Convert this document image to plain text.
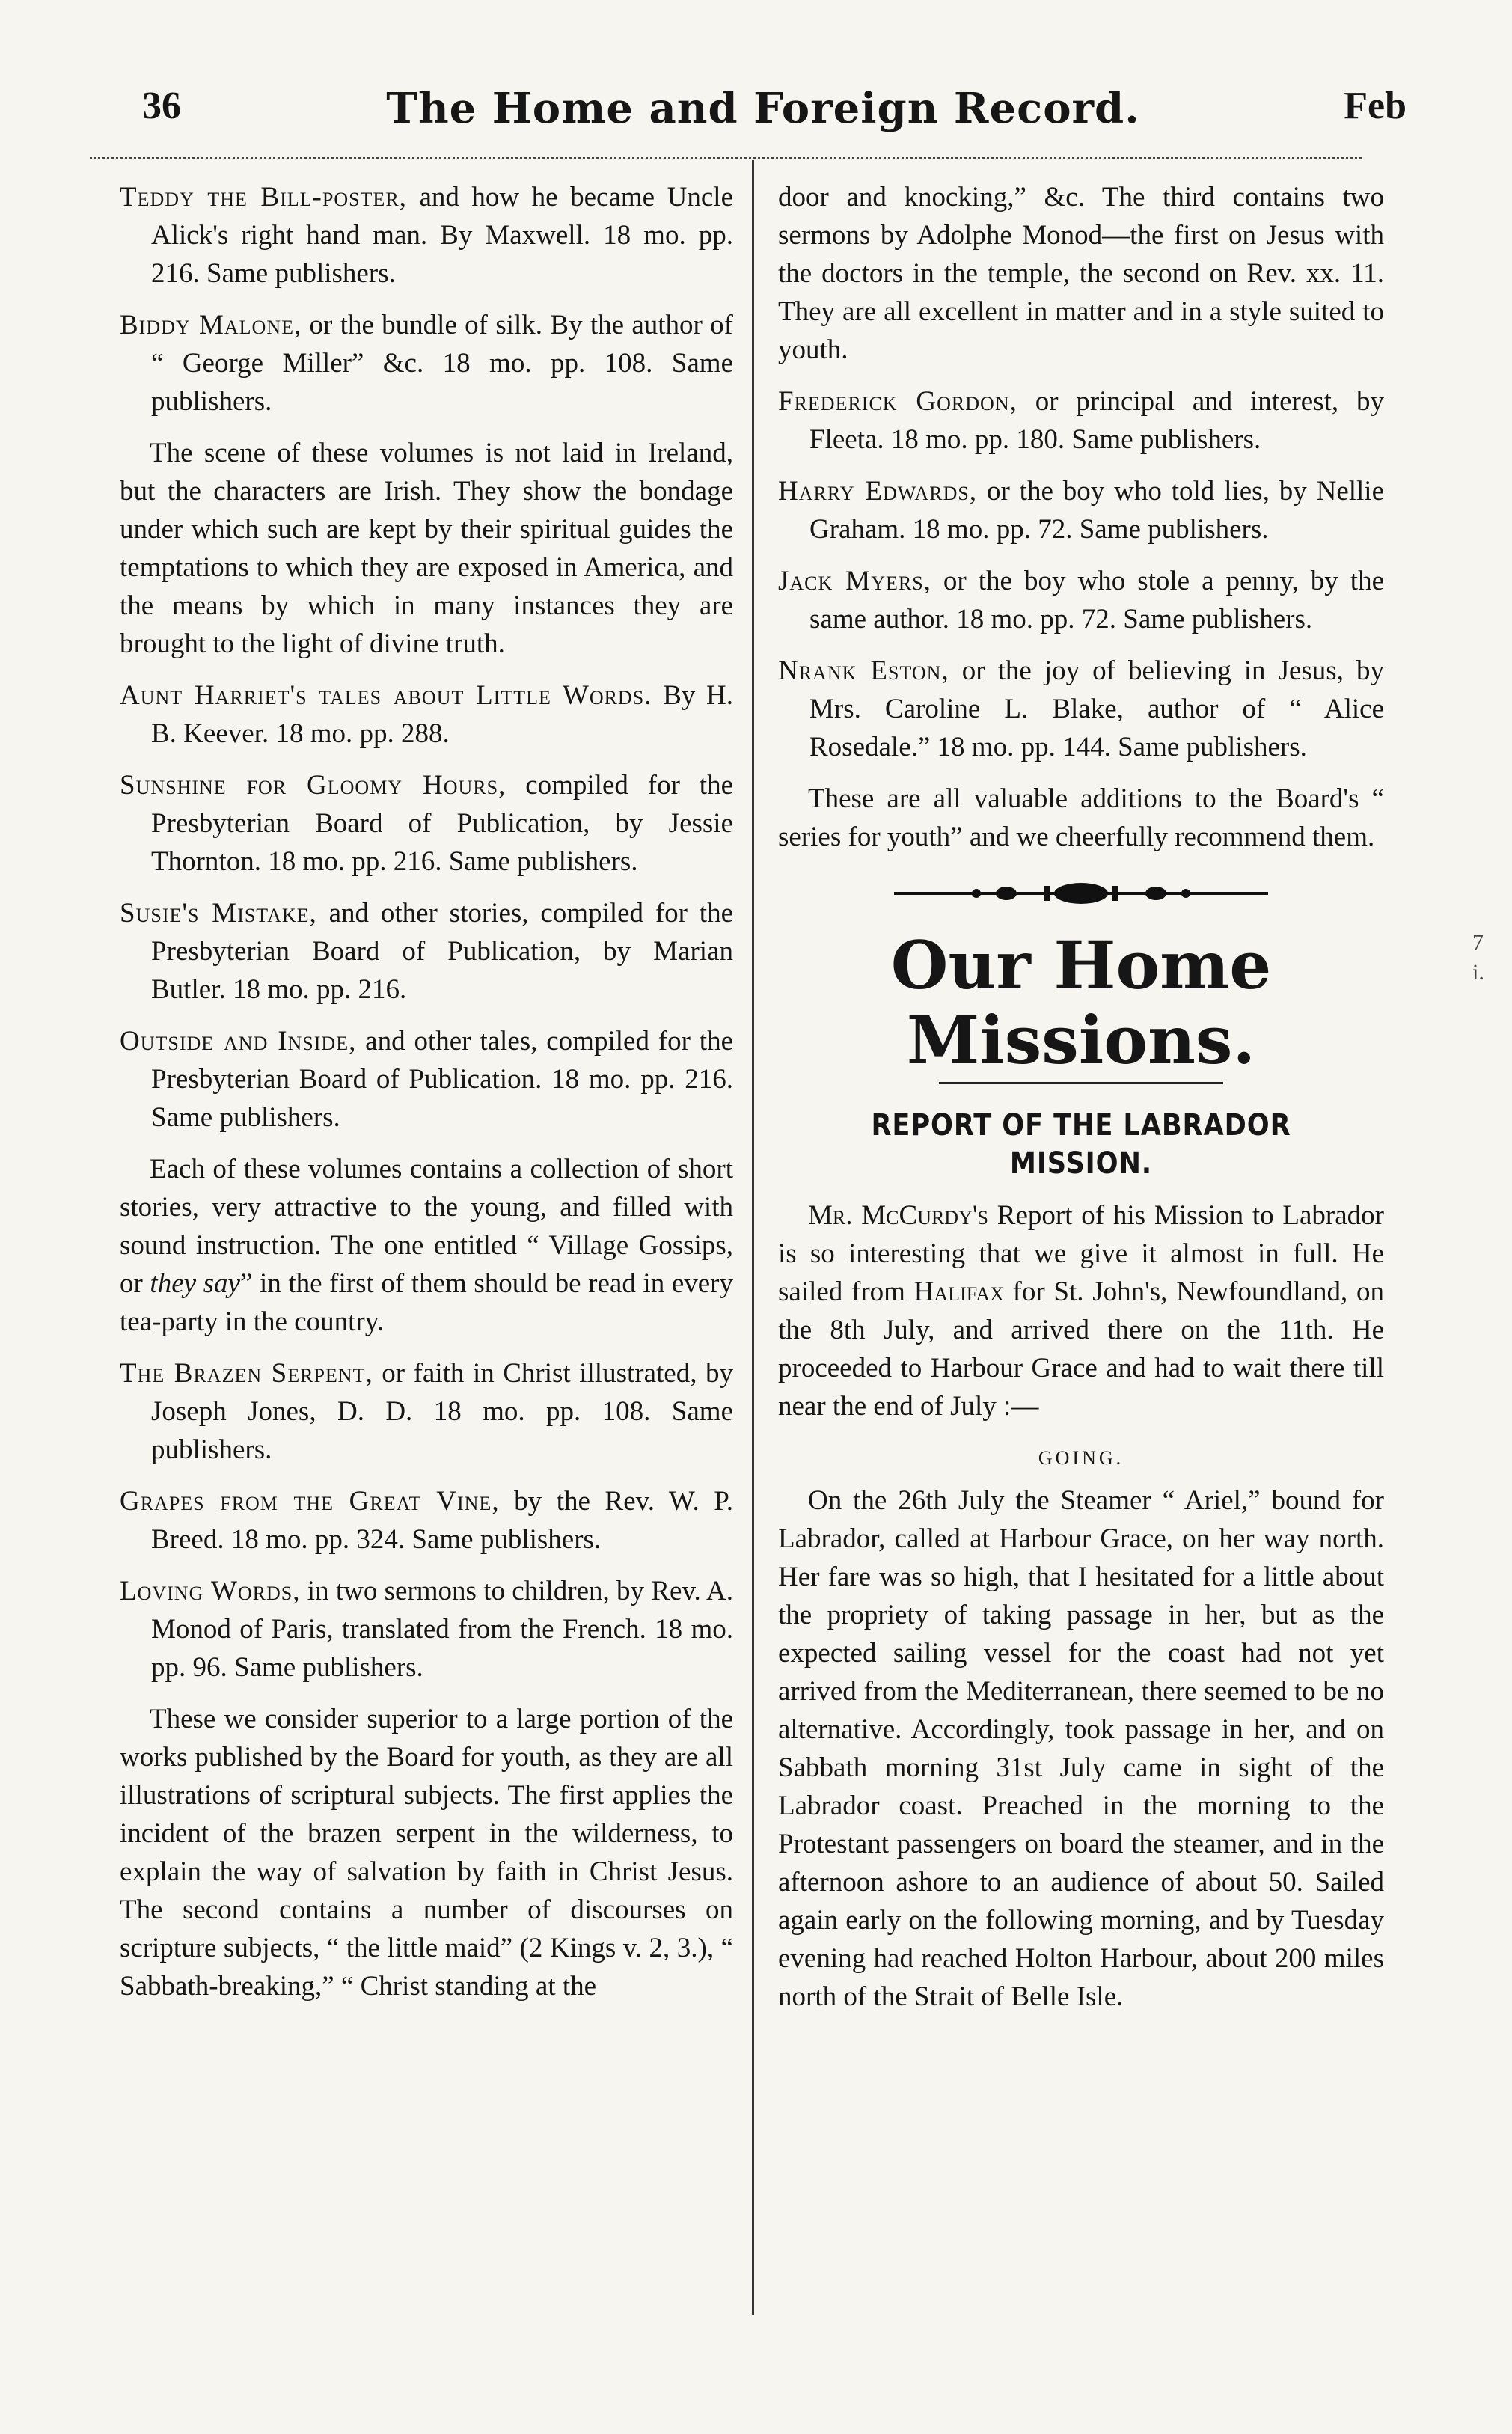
36	The Home and Foreign Record.	Feb

Teddy the Bill-poster, and how he became Uncle Alick's right hand man. By Maxwell. 18 mo. pp. 216. Same publishers.

Biddy Malone, or the bundle of silk. By the author of “ George Miller” &c. 18 mo. pp. 108. Same publishers.

The scene of these volumes is not laid in Ireland, but the characters are Irish. They show the bondage under which such are kept by their spiritual guides the temptations to which they are exposed in America, and the means by which in many instances they are brought to the light of divine truth.

Aunt Harriet's tales about Little Words. By H. B. Keever. 18 mo. pp. 288.

Sunshine for Gloomy Hours, compiled for the Presbyterian Board of Publication, by Jessie Thornton. 18 mo. pp. 216. Same publishers.

Susie's Mistake, and other stories, compiled for the Presbyterian Board of Publication, by Marian Butler. 18 mo. pp. 216.

Outside and Inside, and other tales, compiled for the Presbyterian Board of Publication. 18 mo. pp. 216. Same publishers.

Each of these volumes contains a collection of short stories, very attractive to the young, and filled with sound instruction. The one entitled “ Village Gossips, or they say” in the first of them should be read in every tea-party in the country.

The Brazen Serpent, or faith in Christ illustrated, by Joseph Jones, D. D. 18 mo. pp. 108. Same publishers.

Grapes from the Great Vine, by the Rev. W. P. Breed. 18 mo. pp. 324. Same publishers.

Loving Words, in two sermons to children, by Rev. A. Monod of Paris, translated from the French. 18 mo. pp. 96. Same publishers.

These we consider superior to a large portion of the works published by the Board for youth, as they are all illustrations of scriptural subjects. The first applies the incident of the brazen serpent in the wilderness, to explain the way of salvation by faith in Christ Jesus. The second contains a number of discourses on scripture subjects, “ the little maid” (2 Kings v. 2, 3.), “ Sabbath-breaking,” “ Christ standing at the

door and knocking,” &c. The third contains two sermons by Adolphe Monod—the first on Jesus with the doctors in the temple, the second on Rev. xx. 11. They are all excellent in matter and in a style suited to youth.

Frederick Gordon, or principal and interest, by Fleeta. 18 mo. pp. 180. Same publishers.

Harry Edwards, or the boy who told lies, by Nellie Graham. 18 mo. pp. 72. Same publishers.

Jack Myers, or the boy who stole a penny, by the same author. 18 mo. pp. 72. Same publishers.

Nrank Eston, or the joy of believing in Jesus, by Mrs. Caroline L. Blake, author of “ Alice Rosedale.” 18 mo. pp. 144. Same publishers.

These are all valuable additions to the Board's “ series for youth” and we cheerfully recommend them.

Our Home Missions.
REPORT OF THE LABRADOR MISSION.

Mr. McCurdy's Report of his Mission to Labrador is so interesting that we give it almost in full. He sailed from Halifax for St. John's, Newfoundland, on the 8th July, and arrived there on the 11th. He proceeded to Harbour Grace and had to wait there till near the end of July :—

GOING.

On the 26th July the Steamer “ Ariel,” bound for Labrador, called at Harbour Grace, on her way north. Her fare was so high, that I hesitated for a little about the propriety of taking passage in her, but as the expected sailing vessel for the coast had not yet arrived from the Mediterranean, there seemed to be no alternative. Accordingly, took passage in her, and on Sabbath morning 31st July came in sight of the Labrador coast. Preached in the morning to the Protestant passengers on board the steamer, and in the afternoon ashore to an audience of about 50. Sailed again early on the following morning, and by Tuesday evening had reached Holton Harbour, about 200 miles north of the Strait of Belle Isle.

7
i.
